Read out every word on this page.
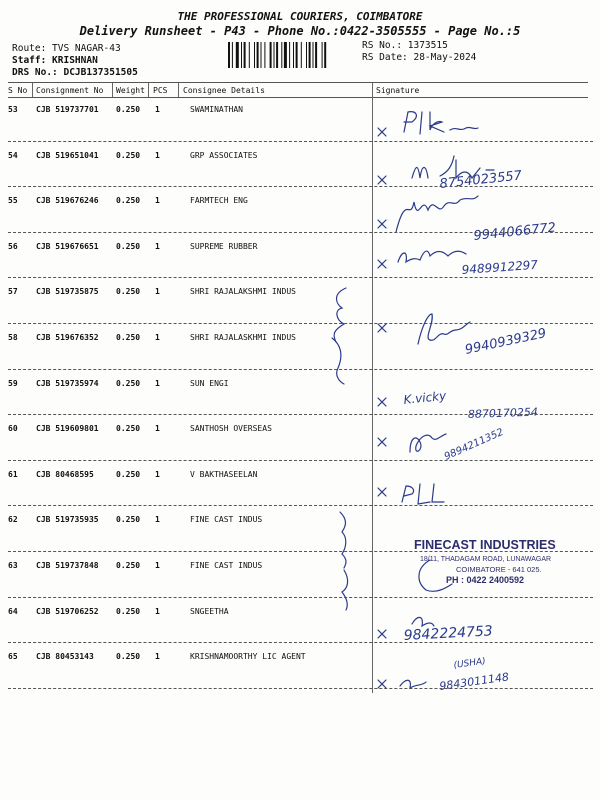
THE PROFESSIONAL COURIERS, COIMBATORE
Delivery Runsheet - P43 - Phone No.:0422-3505555 - Page No.:5
Route: TVS NAGAR-43
Staff: KRISHNAN
DRS No.: DCJB137351505
RS No.: 1373515
RS Date: 28-May-2024
S No Consignment No Weight PCS Consignee Details	Signature
53 CJB 519737701 0.250 1	SWAMINATHAN
54 CJB 519651041 0.250 1	GRP ASSOCIATES
55 CJB 519676246 0.250 1	FARMTECH ENG
56 CJB 519676651 0.250 1	SUPREME RUBBER
57 CJB 519735875 0.250 1	SHRI RAJALAKSHMI INDUS
58 CJB 519676352 0.250 1	SHRI RAJALASKHMI INDUS
59 CJB 519735974 0.250 1	SUN ENGI
60 CJB 519609801 0.250 1	SANTHOSH OVERSEAS
61 CJB 80468595	0.250 1	V BAKTHASEELAN
62 CJB 519735935 0.250 1	FINE CAST INDUS
63 CJB 519737848 0.250 1	FINE CAST INDUS
64 CJB 519706252 0.250 1	SNGEETHA
65 CJB 80453143	0.250 1	KRISHNAMOORTHY LIC AGENT
8754023557
9944066772
9489912297
9940939329
K.vicky
8870170254
9894211352
9842224753
(USHA)
9843011148
FINECAST INDUSTRIES
18/11, THADAGAM ROAD, LUNAWAGAR
COIMBATORE - 641 025.
PH : 0422 2400592
